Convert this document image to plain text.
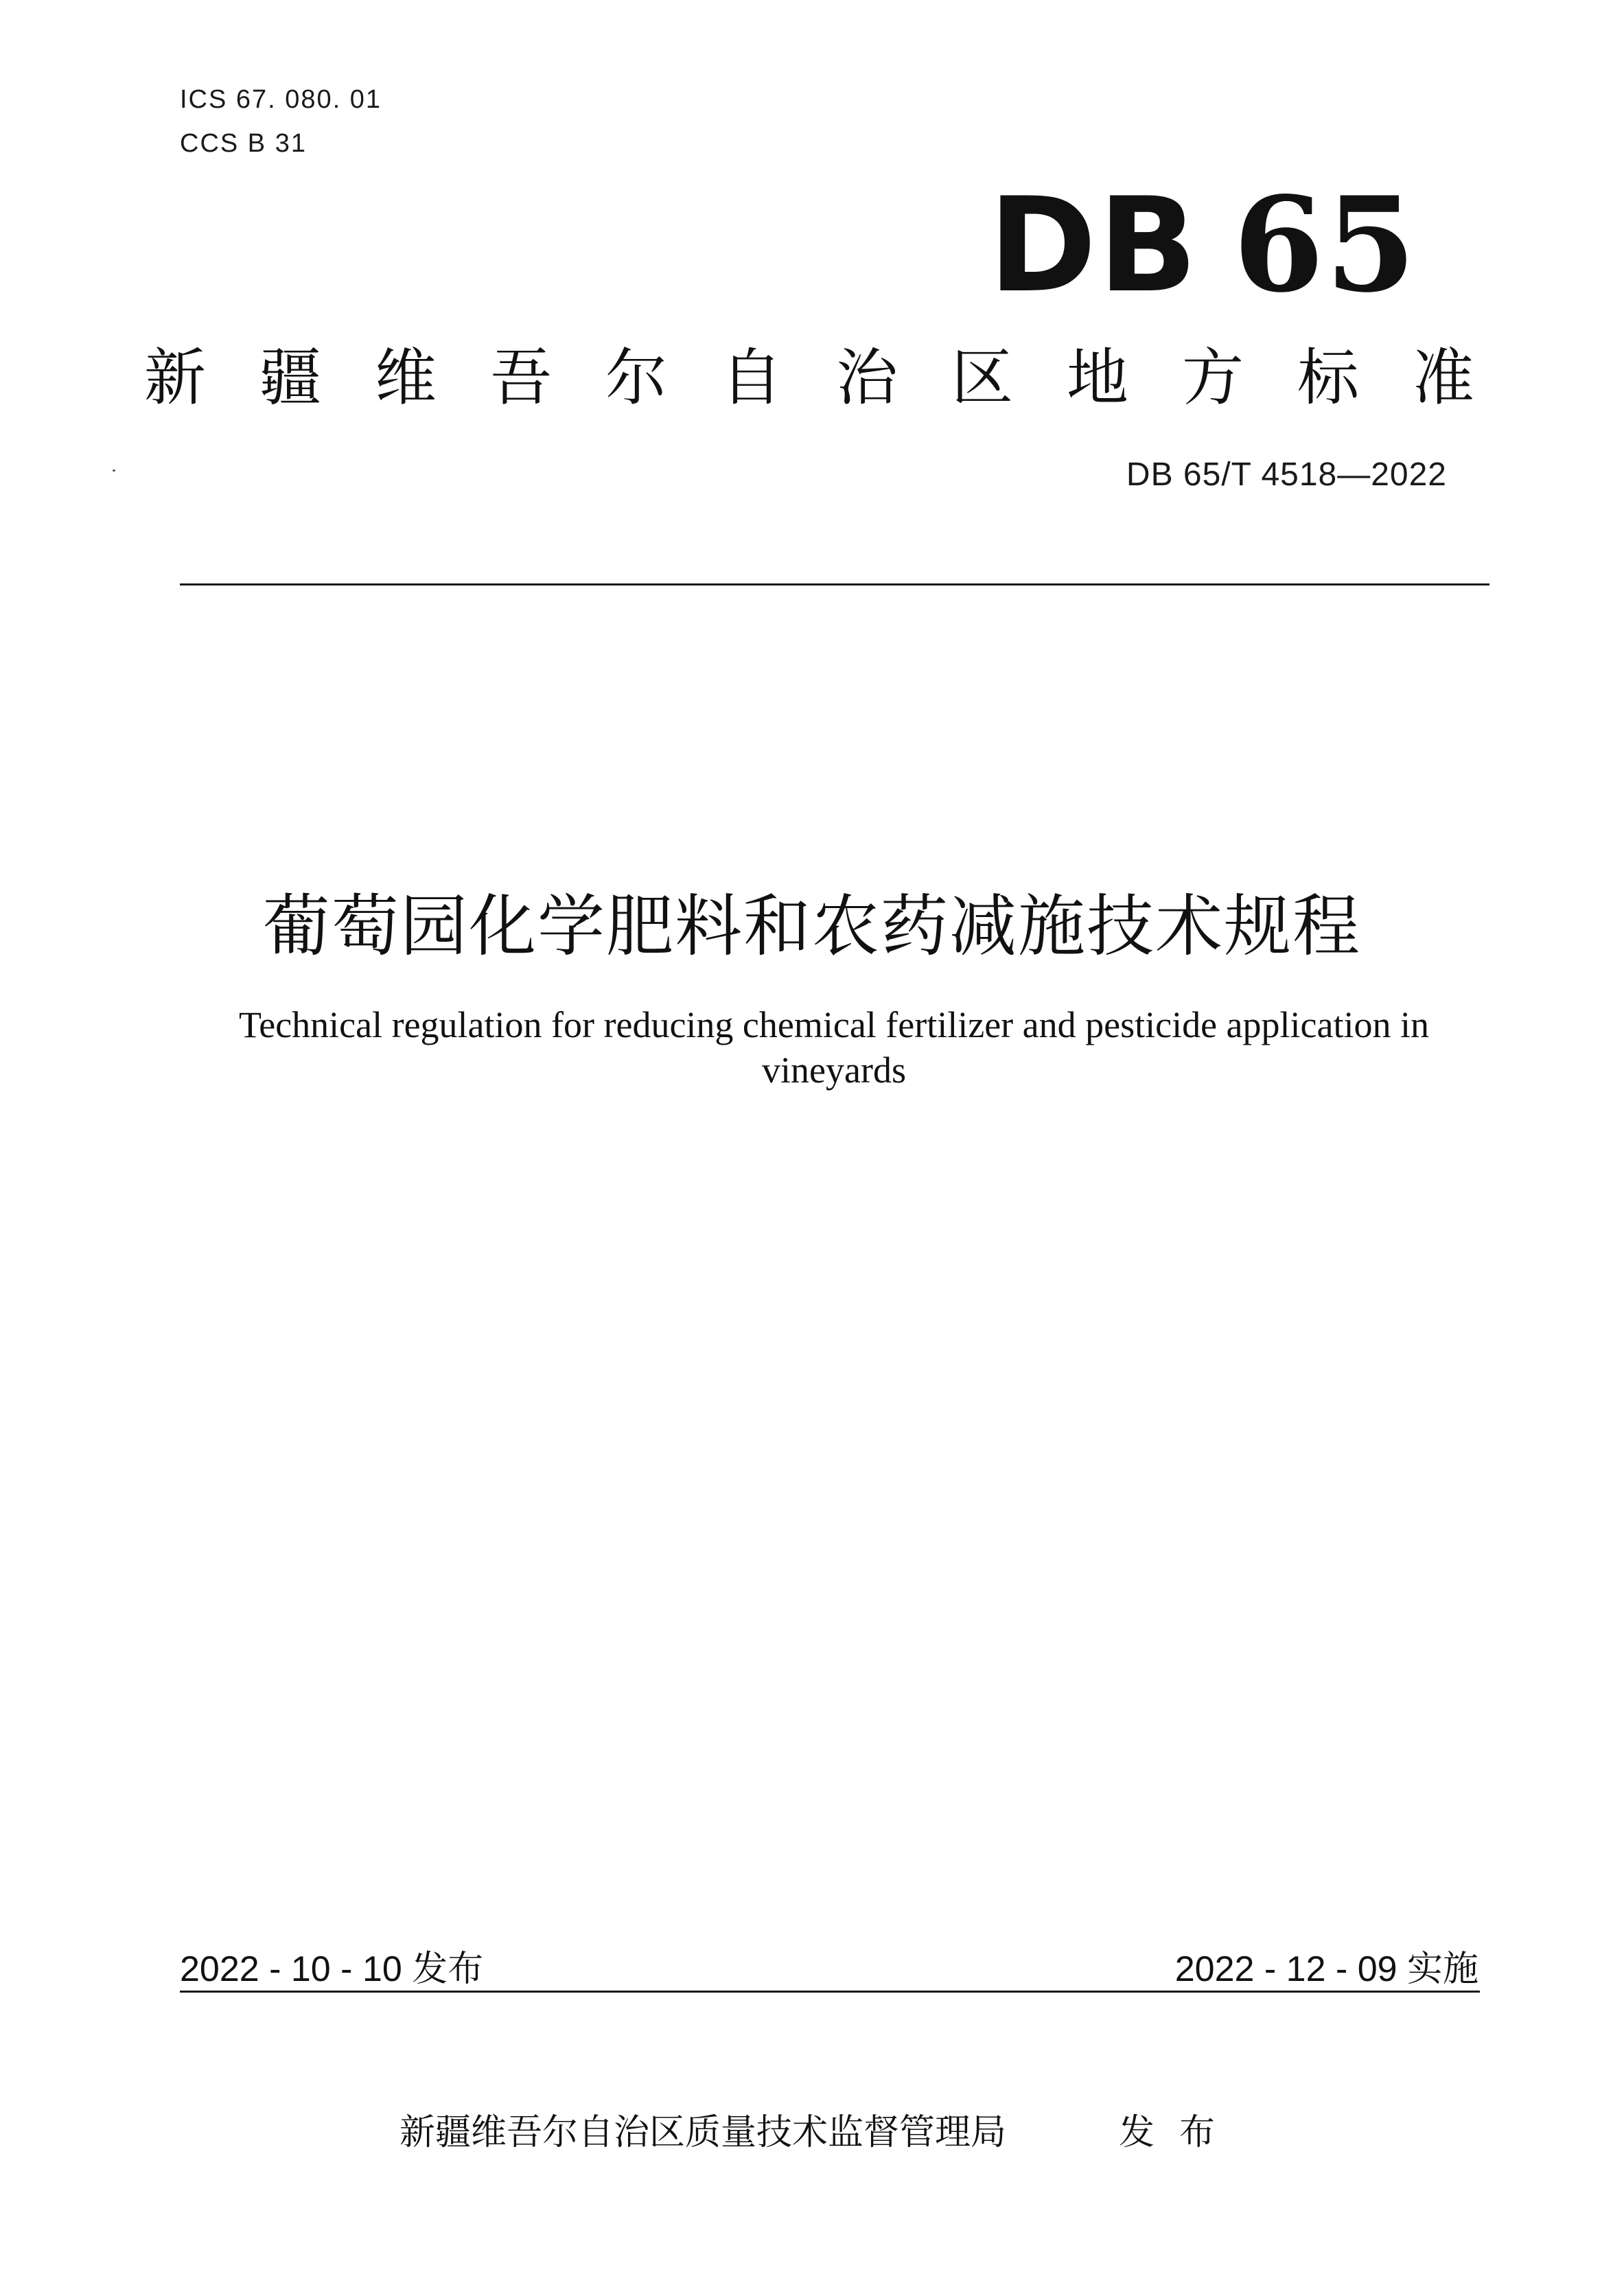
ICS 67. 080. 01
CCS B 31
DB 65
新疆维吾尔自治区地方标准
DB 65/T 4518—2022
葡萄园化学肥料和农药减施技术规程
Technical regulation for reducing chemical fertilizer and pesticide application in vineyards
2022 - 10 - 10 发布	2022 - 12 - 09 实施
新疆维吾尔自治区质量技术监督管理局	发布
